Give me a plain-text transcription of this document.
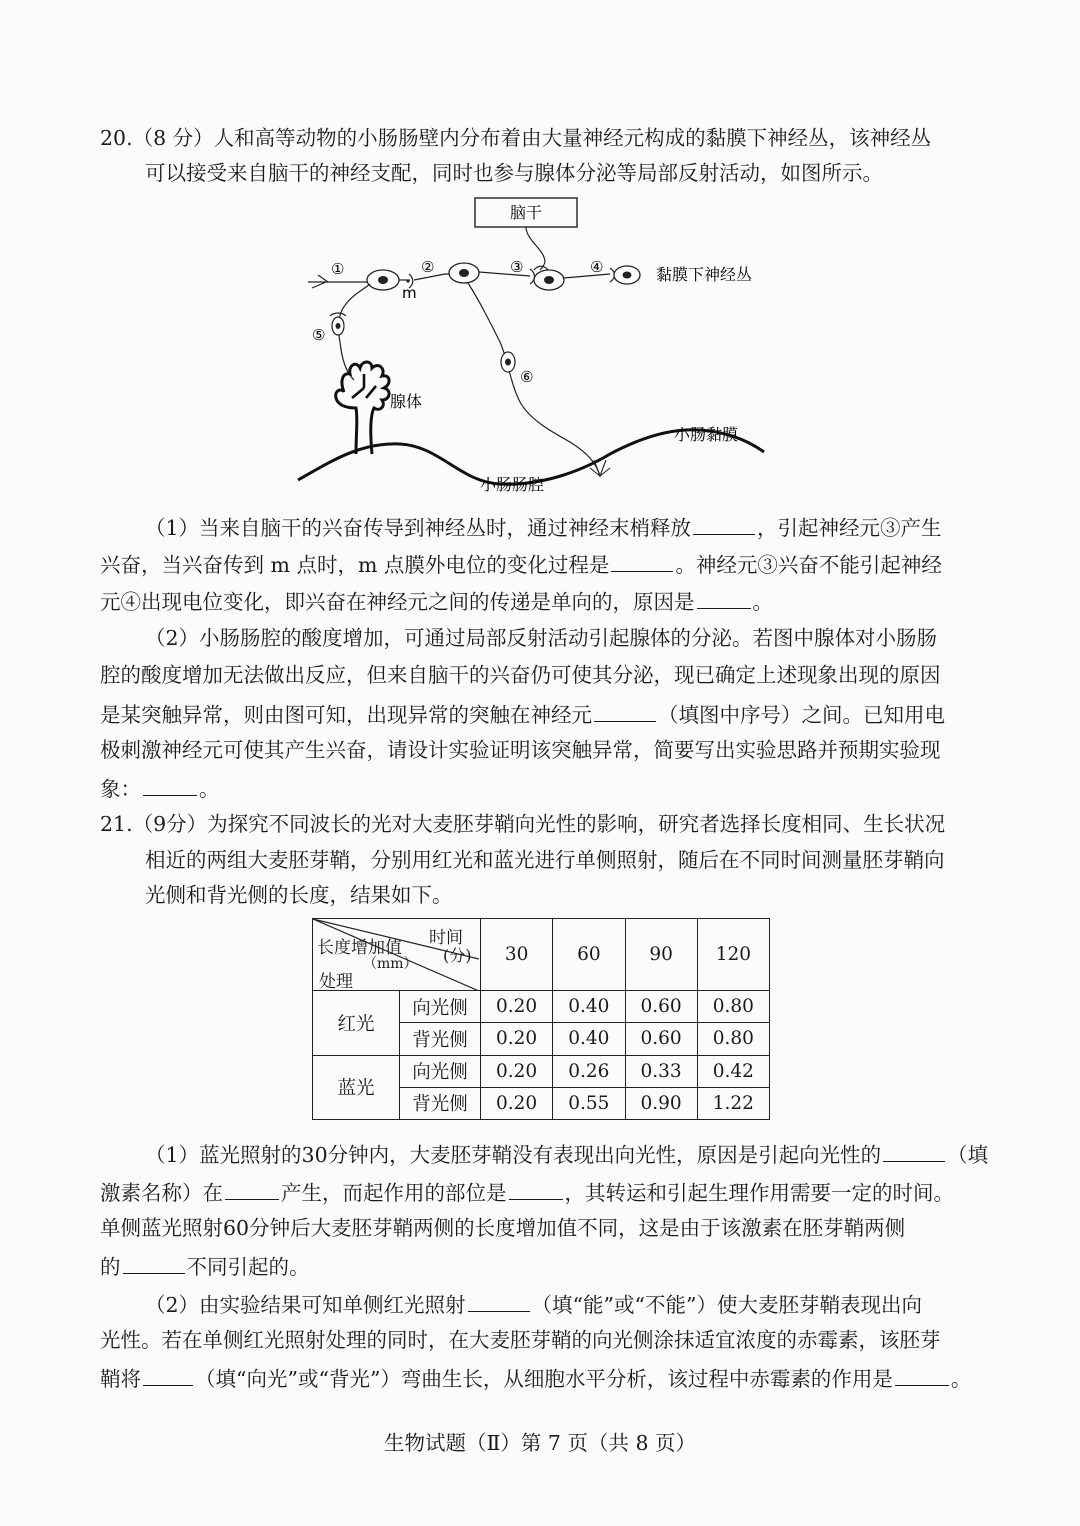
20.（8 分）人和高等动物的小肠肠壁内分布着由大量神经元构成的黏膜下神经丛，该神经丛
可以接受来自脑干的神经支配，同时也参与腺体分泌等局部反射活动，如图所示。
脑干
m
①	②	③	④
⑤
⑥
黏膜下神经丛
腺体
小肠黏膜
小肠肠腔
（1）当来自脑干的兴奋传导到神经丛时，通过神经末梢释放	，引起神经元③产生
兴奋，当兴奋传到 m 点时，m 点膜外电位的变化过程是	。神经元③兴奋不能引起神经
元④出现电位变化，即兴奋在神经元之间的传递是单向的，原因是	。
（2）小肠肠腔的酸度增加，可通过局部反射活动引起腺体的分泌。若图中腺体对小肠肠
腔的酸度增加无法做出反应，但来自脑干的兴奋仍可使其分泌，现已确定上述现象出现的原因
是某突触异常，则由图可知，出现异常的突触在神经元	（填图中序号）之间。已知用电
极刺激神经元可使其产生兴奋，请设计实验证明该突触异常，简要写出实验思路并预期实验现
象：	。
21.（9分）为探究不同波长的光对大麦胚芽鞘向光性的影响，研究者选择长度相同、生长状况
相近的两组大麦胚芽鞘，分别用红光和蓝光进行单侧照射，随后在不同时间测量胚芽鞘向
光侧和背光侧的长度，结果如下。
时间
(分)
长度增加值
（mm）
处理		30	60	90	120
红光	向光侧	0.20	0.40	0.60	0.80
	背光侧	0.20	0.40	0.60	0.80
蓝光	向光侧	0.20	0.26	0.33	0.42
	背光侧	0.20	0.55	0.90	1.22
（1）蓝光照射的30分钟内，大麦胚芽鞘没有表现出向光性，原因是引起向光性的	（填
激素名称）在	产生，而起作用的部位是	，其转运和引起生理作用需要一定的时间。
单侧蓝光照射60分钟后大麦胚芽鞘两侧的长度增加值不同，这是由于该激素在胚芽鞘两侧
的	不同引起的。
（2）由实验结果可知单侧红光照射	（填“能”或“不能”）使大麦胚芽鞘表现出向
光性。若在单侧红光照射处理的同时，在大麦胚芽鞘的向光侧涂抹适宜浓度的赤霉素，该胚芽
鞘将	（填“向光”或“背光”）弯曲生长，从细胞水平分析，该过程中赤霉素的作用是	。
生物试题（Ⅱ）第 7 页（共 8 页）
